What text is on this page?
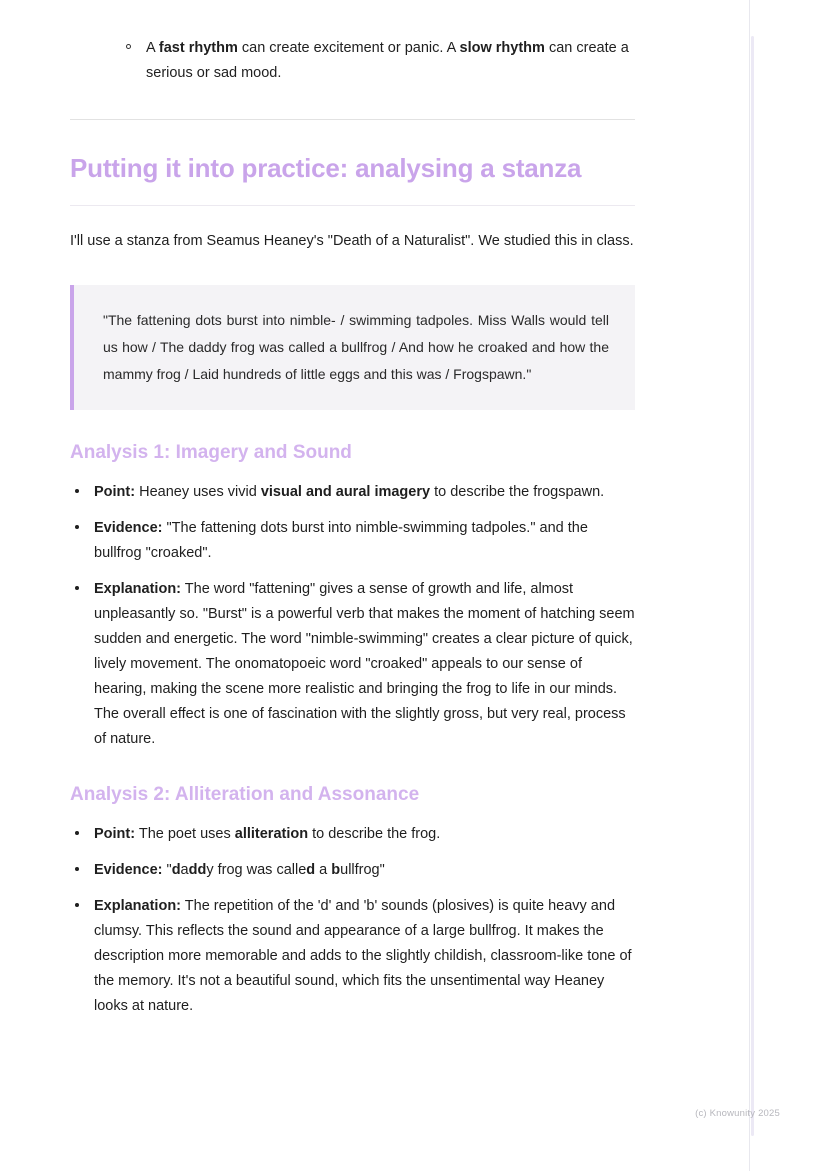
A fast rhythm can create excitement or panic. A slow rhythm can create a serious or sad mood.
Putting it into practice: analysing a stanza

I'll use a stanza from Seamus Heaney's "Death of a Naturalist". We studied this in class.

"The fattening dots burst into nimble- / swimming tadpoles. Miss Walls would tell us how / The daddy frog was called a bullfrog / And how he croaked and how the mammy frog / Laid hundreds of little eggs and this was / Frogspawn."

Analysis 1: Imagery and Sound
Point: Heaney uses vivid visual and aural imagery to describe the frogspawn.
Evidence: "The fattening dots burst into nimble-swimming tadpoles." and the bullfrog "croaked".
Explanation: The word "fattening" gives a sense of growth and life, almost unpleasantly so. "Burst" is a powerful verb that makes the moment of hatching seem sudden and energetic. The word "nimble-swimming" creates a clear picture of quick, lively movement. The onomatopoeic word "croaked" appeals to our sense of hearing, making the scene more realistic and bringing the frog to life in our minds. The overall effect is one of fascination with the slightly gross, but very real, process of nature.
Analysis 2: Alliteration and Assonance
Point: The poet uses alliteration to describe the frog.
Evidence: "daddy frog was called a bullfrog"
Explanation: The repetition of the 'd' and 'b' sounds (plosives) is quite heavy and clumsy. This reflects the sound and appearance of a large bullfrog. It makes the description more memorable and adds to the slightly childish, classroom-like tone of the memory. It's not a beautiful sound, which fits the unsentimental way Heaney looks at nature.
(c) Knowunity 2025
